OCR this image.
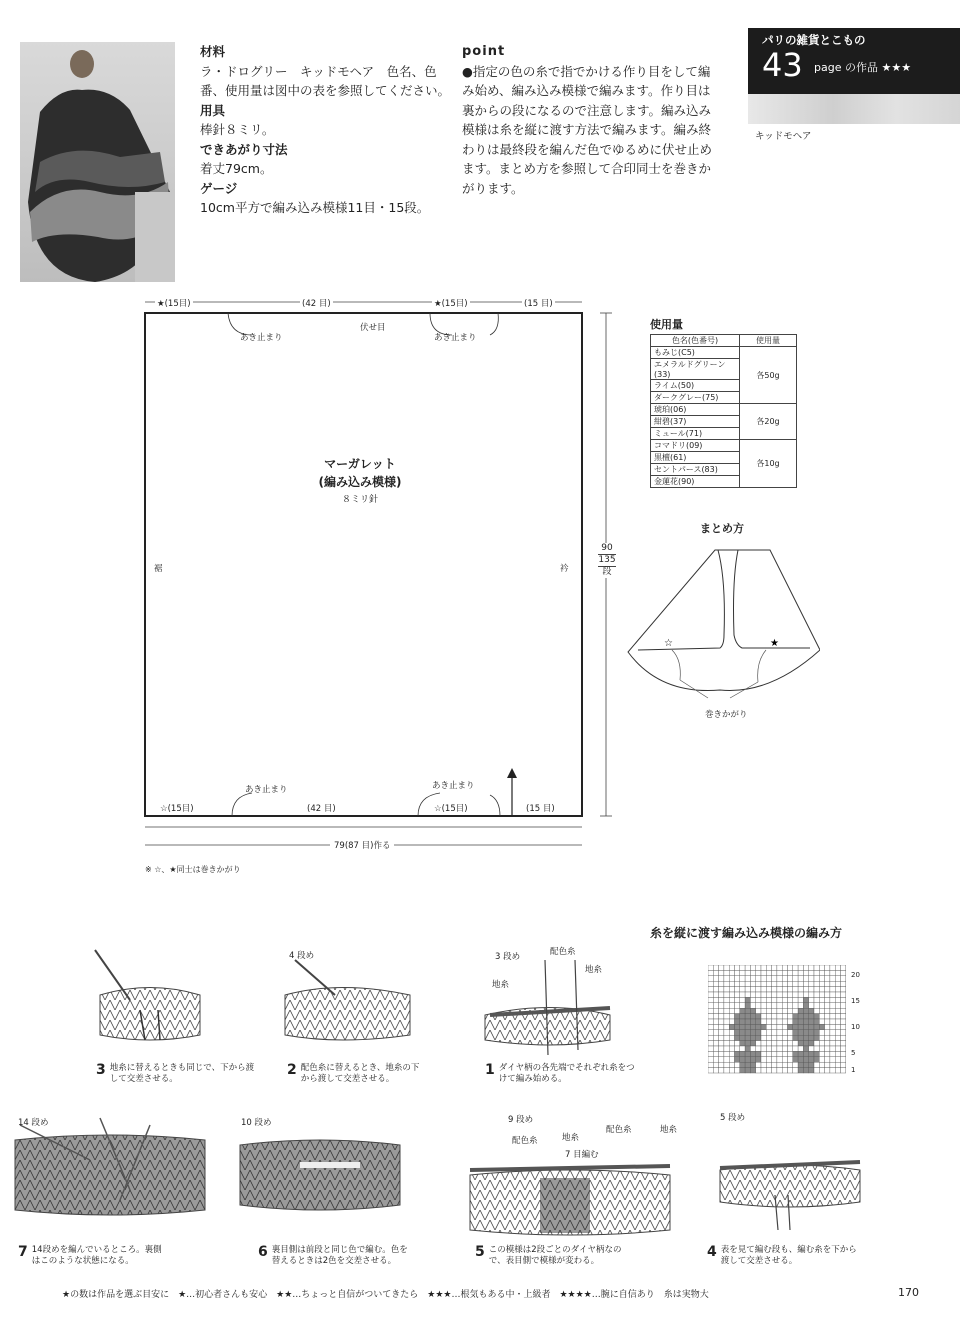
材料
ラ・ドログリー　キッドモヘア　色名、色番、使用量は図中の表を参照してください。
用具
棒針８ミリ。
できあがり寸法
着丈79cm。
ゲージ
10cm平方で編み込み模様11目・15段。
point
●指定の色の糸で指でかける作り目をして編み始め、編み込み模様で編みます。作り目は裏からの段になるので注意します。編み込み模様は糸を縦に渡す方法で編みます。編み終わりは最終段を編んだ色でゆるめに伏せ止めます。まとめ方を参照して合印同士を巻きかがります。
パリの雑貨とこもの
43 page の作品 ★★★
キッドモヘア
★(15目)	(42 目)	★(15目)	(15 目)
伏せ目
あき止まり	あき止まり
マーガレット
(編み込み模様)
８ミリ針
裾	衿
90
135
段
あき止まり	あき止まり
☆(15目)	(42 目)	☆(15目)	(15 目)
79(87 目)作る
※ ☆、★同士は巻きかがり
使用量
色名(色番号)	使用量
もみじ(C5)	各50g
エメラルドグリーン(33)	
ライム(50)	
ダークグレー(75)	
琥珀(06)	各20g
紺碧(37)	
ミュール(71)	
コマドリ(09)	各10g
黒檀(61)	
セントパース(83)	
金蓮花(90)	
まとめ方
☆	★
巻きかがり
糸を縦に渡す編み込み模様の編み方
20
15
10
5
1
4 段め	3 段め	配色糸
地糸
地糸
3 地糸に替えるときも同じで、下から渡して交差させる。
2 配色糸に替えるとき、地糸の下から渡して交差させる。
1 ダイヤ柄の各先端でそれぞれ糸をつけて編み始める。
14 段め	10 段め	9 段め
配色糸	地糸
配色糸	地糸
7 目編む
5 段め
7 14段めを編んでいるところ。裏側はこのような状態になる。
6 裏目側は前段と同じ色で編む。色を替えるときは2色を交差させる。
5 この模様は2段ごとのダイヤ柄なので、表目側で模様が変わる。
4 表を見て編む段も、編む糸を下から渡して交差させる。
★の数は作品を選ぶ目安に　★…初心者さんも安心　★★…ちょっと自信がついてきたら　★★★…根気もある中・上級者　★★★★…腕に自信あり　糸は実物大	170
